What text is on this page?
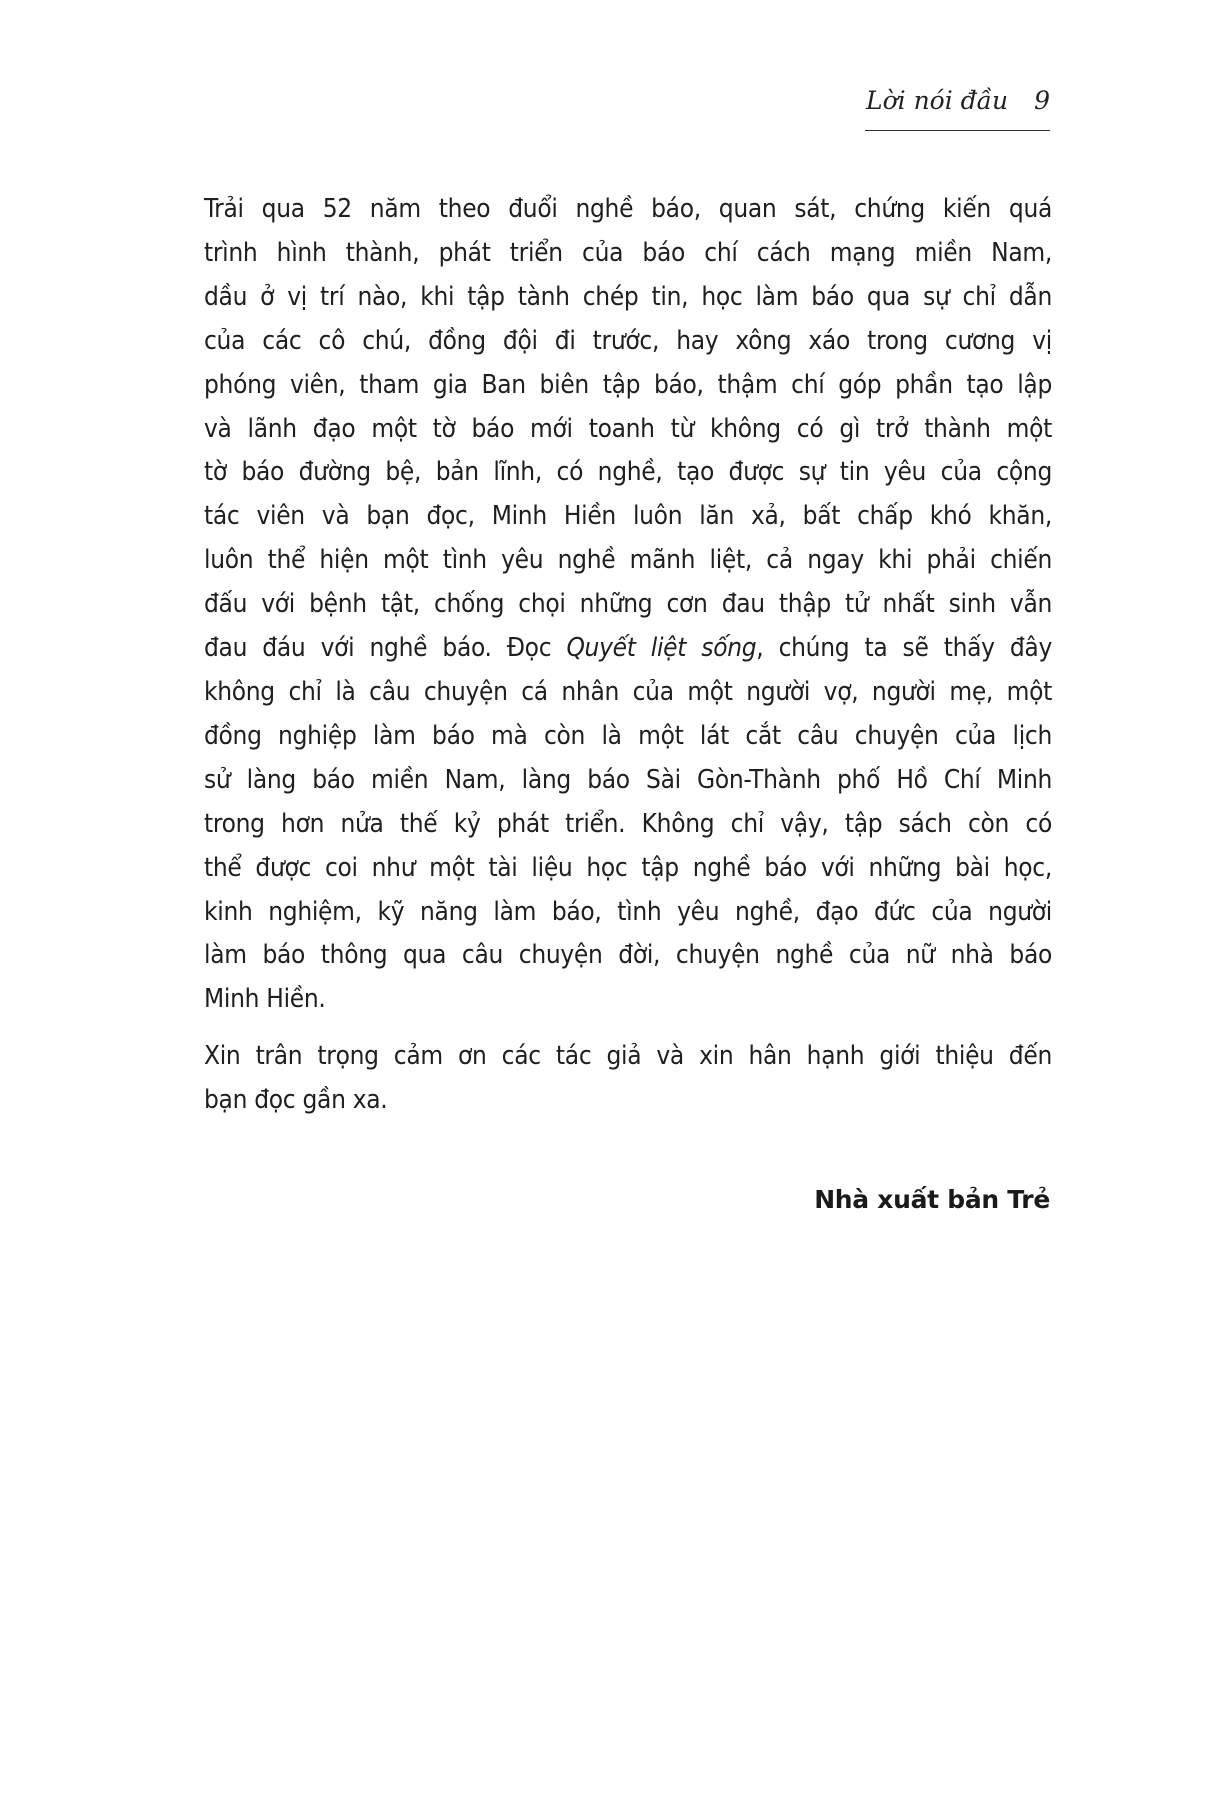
Lời nói đầu 9

Trải qua 52 năm theo đuổi nghề báo, quan sát, chứng kiến quá
trình hình thành, phát triển của báo chí cách mạng miền Nam,
dầu ở vị trí nào, khi tập tành chép tin, học làm báo qua sự chỉ dẫn
của các cô chú, đồng đội đi trước, hay xông xáo trong cương vị
phóng viên, tham gia Ban biên tập báo, thậm chí góp phần tạo lập
và lãnh đạo một tờ báo mới toanh từ không có gì trở thành một
tờ báo đường bệ, bản lĩnh, có nghề, tạo được sự tin yêu của cộng
tác viên và bạn đọc, Minh Hiền luôn lăn xả, bất chấp khó khăn,
luôn thể hiện một tình yêu nghề mãnh liệt, cả ngay khi phải chiến
đấu với bệnh tật, chống chọi những cơn đau thập tử nhất sinh vẫn
đau đáu với nghề báo. Đọc Quyết liệt sống, chúng ta sẽ thấy đây
không chỉ là câu chuyện cá nhân của một người vợ, người mẹ, một
đồng nghiệp làm báo mà còn là một lát cắt câu chuyện của lịch
sử làng báo miền Nam, làng báo Sài Gòn-Thành phố Hồ Chí Minh
trong hơn nửa thế kỷ phát triển. Không chỉ vậy, tập sách còn có
thể được coi như một tài liệu học tập nghề báo với những bài học,
kinh nghiệm, kỹ năng làm báo, tình yêu nghề, đạo đức của người
làm báo thông qua câu chuyện đời, chuyện nghề của nữ nhà báo
Minh Hiền.

Xin trân trọng cảm ơn các tác giả và xin hân hạnh giới thiệu đến
bạn đọc gần xa.

Nhà xuất bản Trẻ
